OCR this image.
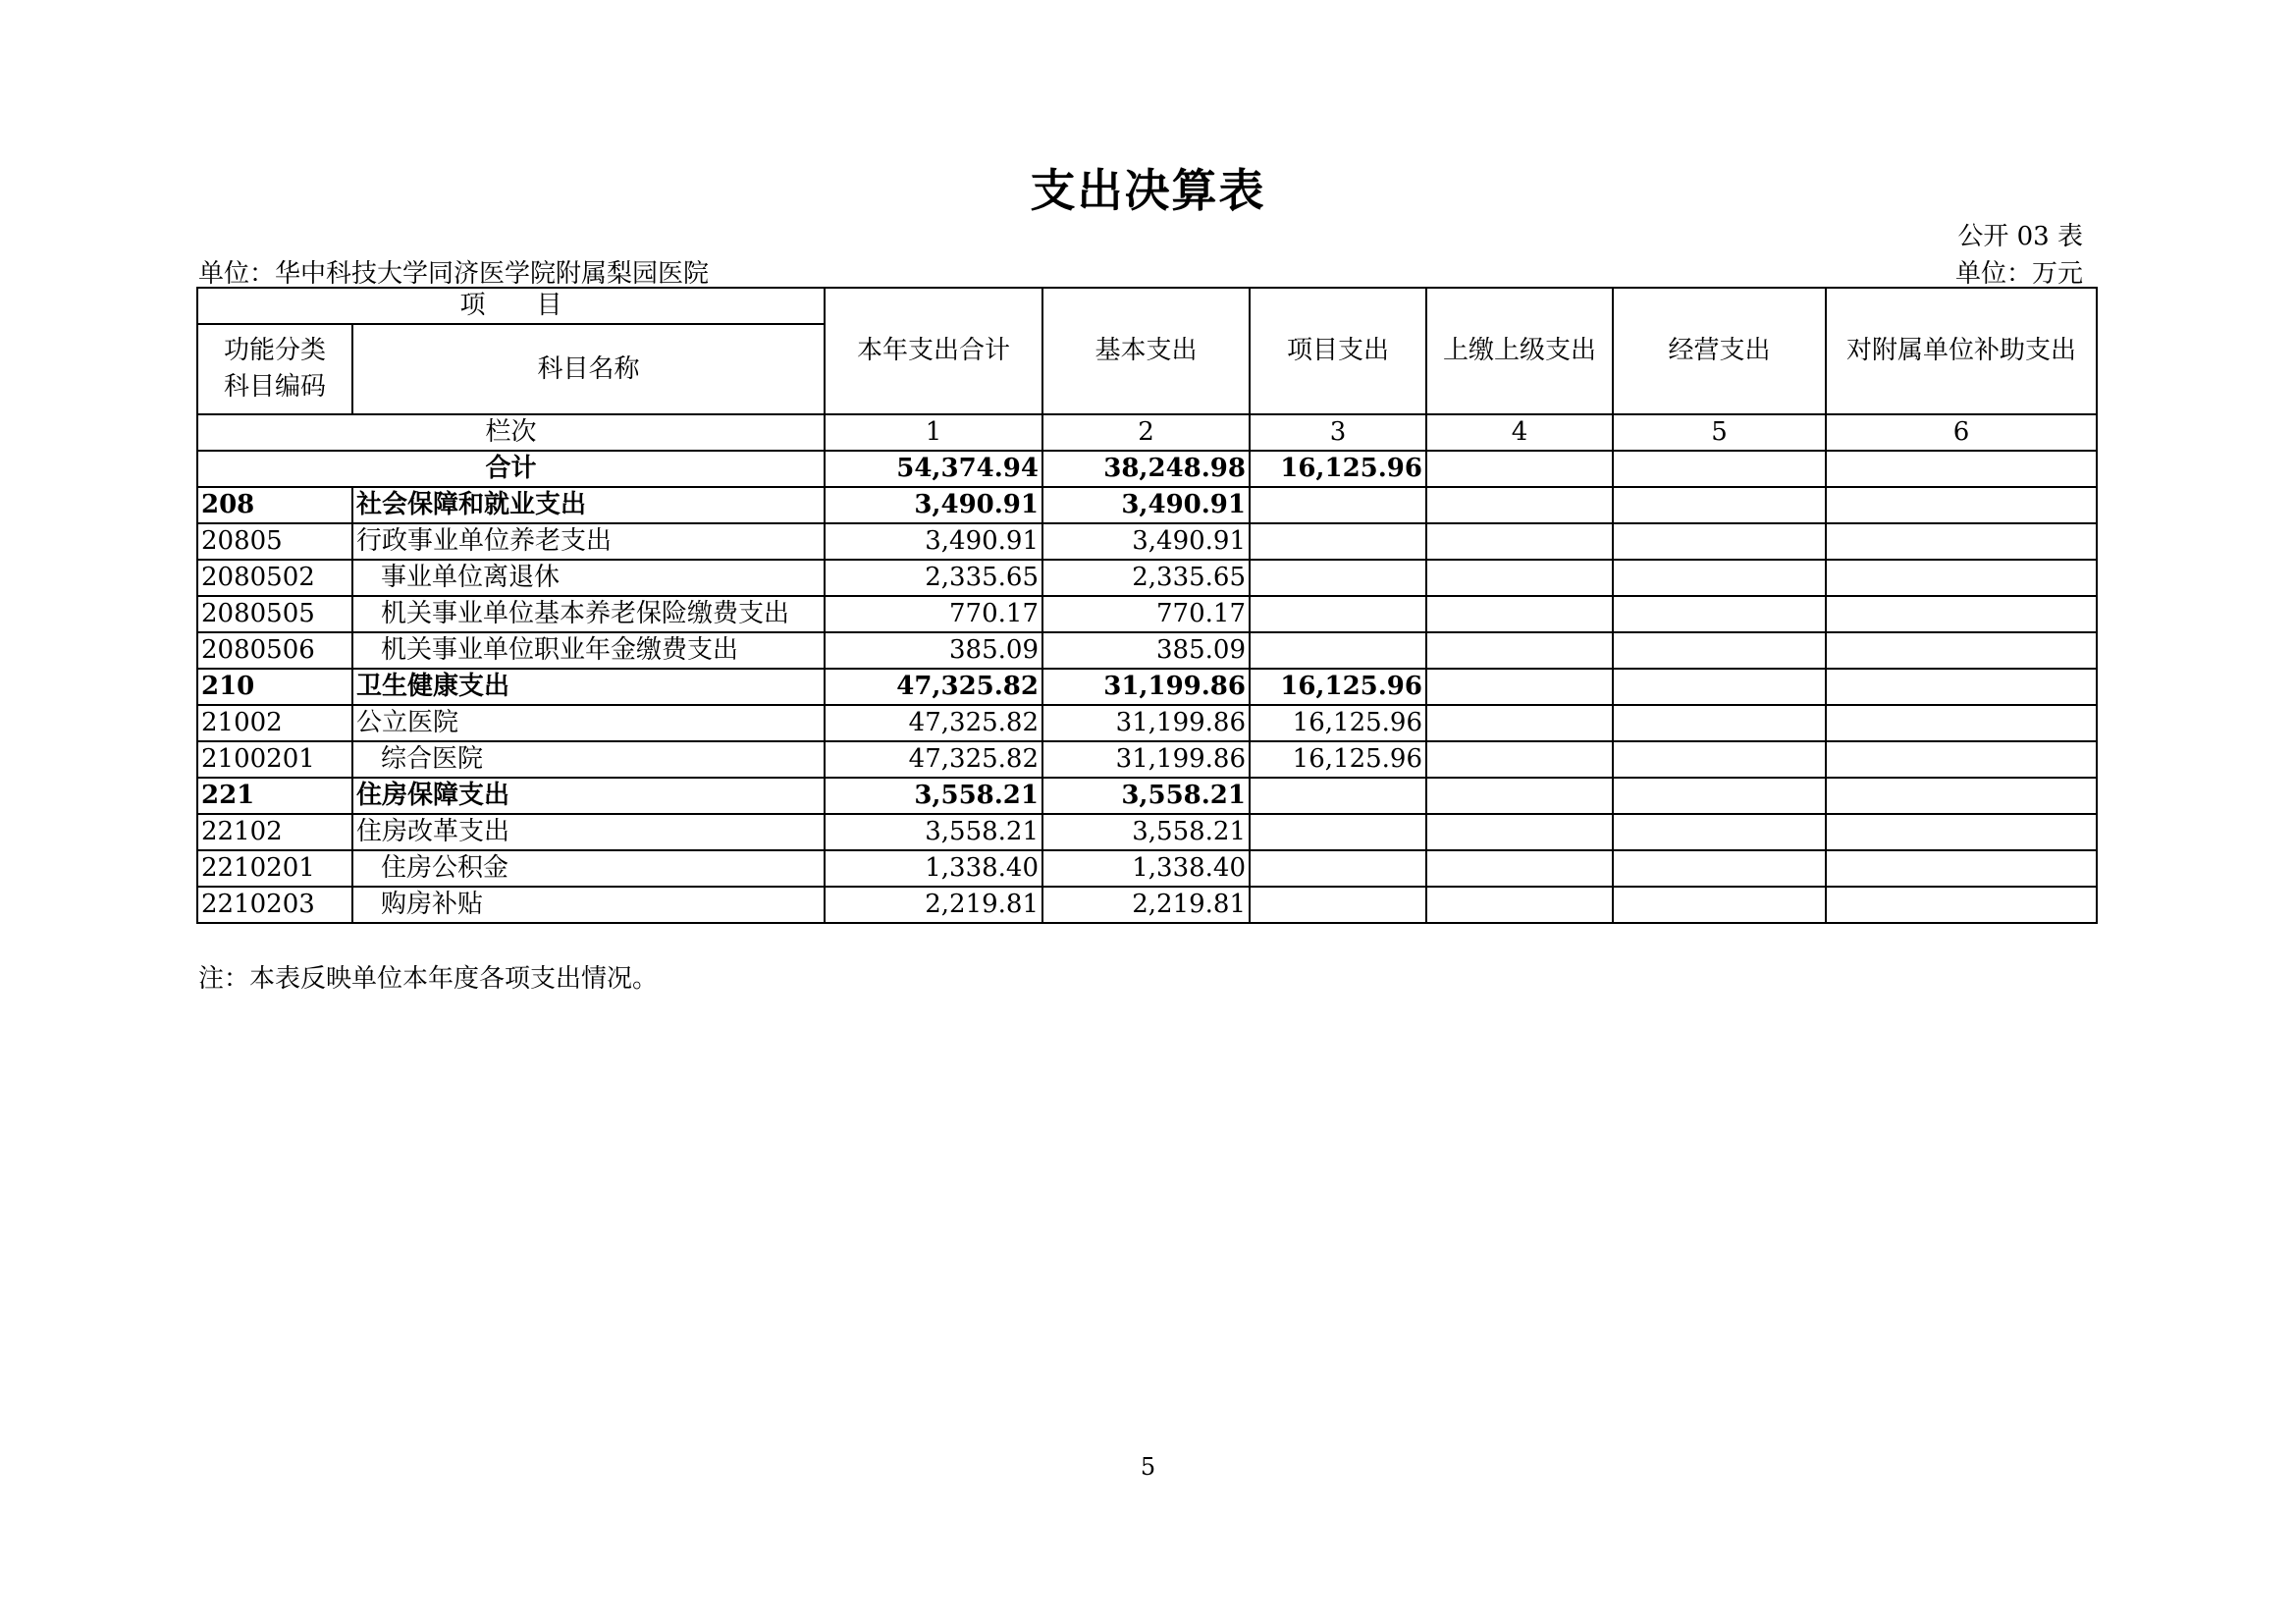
支出决算表
公开 03 表
单位：华中科技大学同济医学院附属梨园医院	单位：万元
项　　目		本年支出合计	基本支出	项目支出	上缴上级支出	经营支出	对附属单位补助支出
功能分类
科目编码	科目名称						
栏次		1	2	3	4	5	6
合计		54,374.94	38,248.98	16,125.96			
208	社会保障和就业支出	3,490.91	3,490.91				
20805	行政事业单位养老支出	3,490.91	3,490.91				
2080502	事业单位离退休	2,335.65	2,335.65				
2080505	机关事业单位基本养老保险缴费支出	770.17	770.17				
2080506	机关事业单位职业年金缴费支出	385.09	385.09				
210	卫生健康支出	47,325.82	31,199.86	16,125.96			
21002	公立医院	47,325.82	31,199.86	16,125.96			
2100201	综合医院	47,325.82	31,199.86	16,125.96			
221	住房保障支出	3,558.21	3,558.21				
22102	住房改革支出	3,558.21	3,558.21				
2210201	住房公积金	1,338.40	1,338.40				
2210203	购房补贴	2,219.81	2,219.81				
注：本表反映单位本年度各项支出情况。
5
